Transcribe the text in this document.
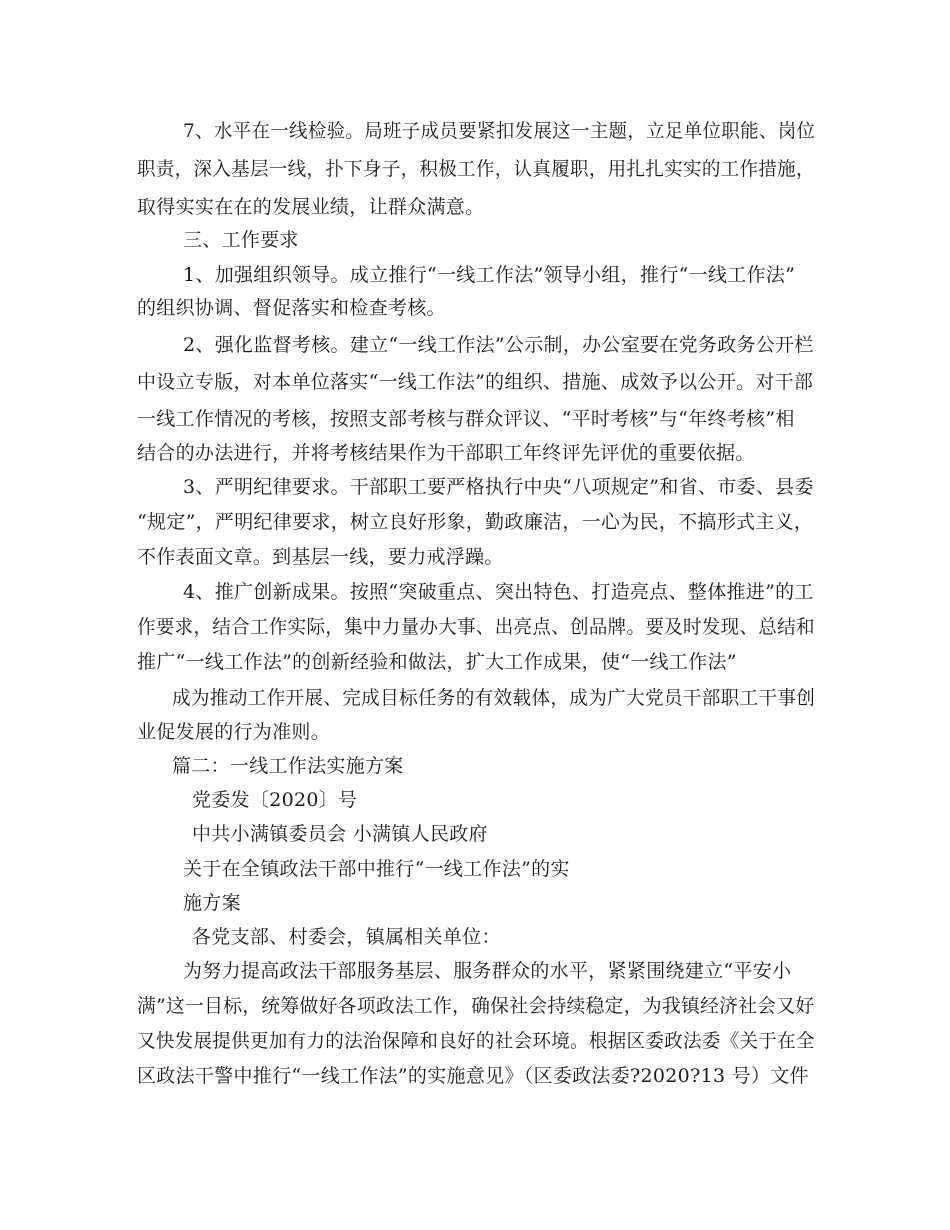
7、水平在一线检验。局班子成员要紧扣发展这一主题，立足单位职能、岗位
职责，深入基层一线，扑下身子，积极工作，认真履职，用扎扎实实的工作措施，
取得实实在在的发展业绩，让群众满意。
三、工作要求
1、加强组织领导。成立推行“一线工作法”领导小组，推行“一线工作法”
的组织协调、督促落实和检查考核。
2、强化监督考核。建立“一线工作法”公示制，办公室要在党务政务公开栏
中设立专版，对本单位落实“一线工作法”的组织、措施、成效予以公开。对干部
一线工作情况的考核，按照支部考核与群众评议、“平时考核”与“年终考核”相
结合的办法进行，并将考核结果作为干部职工年终评先评优的重要依据。
3、严明纪律要求。干部职工要严格执行中央“八项规定”和省、市委、县委
“规定”，严明纪律要求，树立良好形象，勤政廉洁，一心为民，不搞形式主义，
不作表面文章。到基层一线，要力戒浮躁。
4、推广创新成果。按照“突破重点、突出特色、打造亮点、整体推进”的工
作要求，结合工作实际，集中力量办大事、出亮点、创品牌。要及时发现、总结和
推广“一线工作法”的创新经验和做法，扩大工作成果，使“一线工作法”
成为推动工作开展、完成目标任务的有效载体，成为广大党员干部职工干事创
业促发展的行为准则。
篇二：一线工作法实施方案
党委发〔2020〕号
中共小满镇委员会 小满镇人民政府
关于在全镇政法干部中推行“一线工作法”的实
施方案
各党支部、村委会，镇属相关单位：
为努力提高政法干部服务基层、服务群众的水平，紧紧围绕建立“平安小
满”这一目标，统筹做好各项政法工作，确保社会持续稳定，为我镇经济社会又好
又快发展提供更加有力的法治保障和良好的社会环境。根据区委政法委《关于在全
区政法干警中推行“一线工作法”的实施意见》（区委政法委?2020?13 号）文件
